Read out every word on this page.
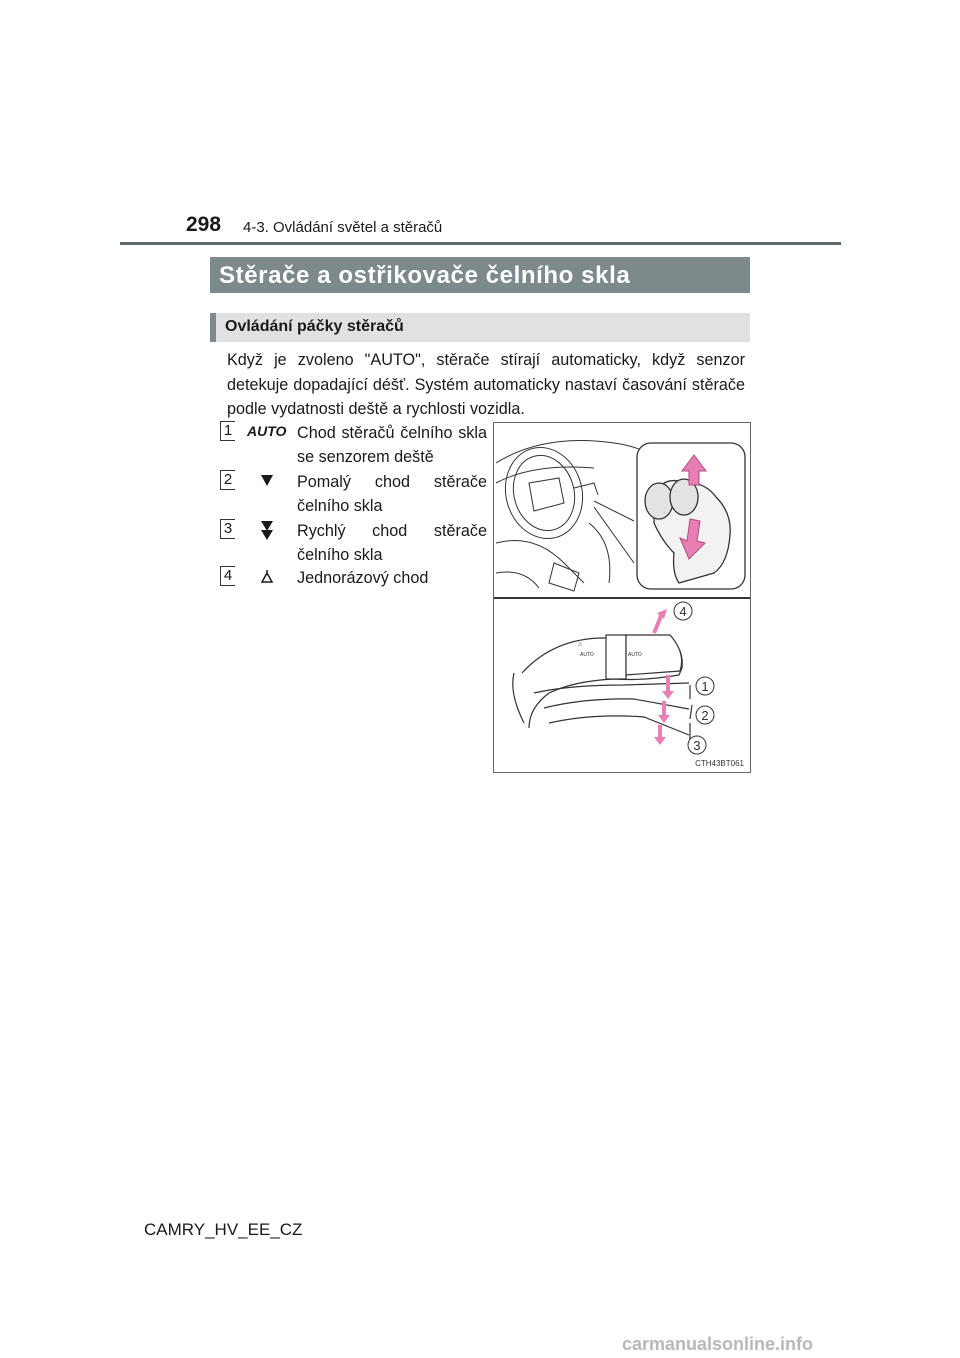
298 4-3. Ovládání světel a stěračů
Stěrače a ostřikovače čelního skla
Ovládání páčky stěračů
Když je zvoleno "AUTO", stěrače stírají automaticky, když senzor detekuje dopadající déšť. Systém automaticky nastaví časování stěrače podle vydatnosti deště a rychlosti vozidla.
1 AUTO Chod stěračů čelního skla se senzorem deště
2	Pomalý chod stěrače čelního skla
3	Rychlý chod stěrače čelního skla
4	Jednorázový chod
△
AUTO	AUTO
4
1
2
3
CTH43BT061
CAMRY_HV_EE_CZ
carmanualsonline.info
